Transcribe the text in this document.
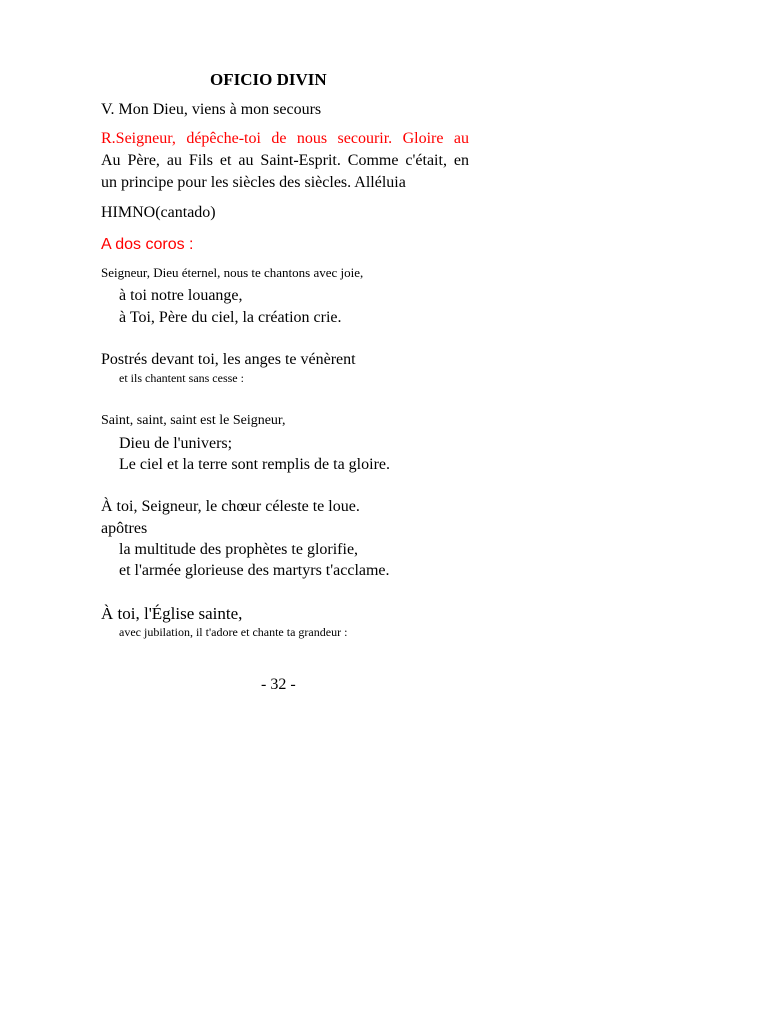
OFICIO DIVIN
V. Mon Dieu, viens à mon secours
R.Seigneur, dépêche-toi de nous secourir. Gloire au
Au Père, au Fils et au Saint-Esprit. Comme c'était, en
un principe pour les siècles des siècles. Alléluia
HIMNO(cantado)
A dos coros :
Seigneur, Dieu éternel, nous te chantons avec joie,
à toi notre louange,
à Toi, Père du ciel, la création crie.
Postrés devant toi, les anges te vénèrent
et ils chantent sans cesse :
Saint, saint, saint est le Seigneur,
Dieu de l'univers;
Le ciel et la terre sont remplis de ta gloire.
À toi, Seigneur, le chœur céleste te loue.
apôtres
la multitude des prophètes te glorifie,
et l'armée glorieuse des martyrs t'acclame.
À toi, l'Église sainte,
avec jubilation, il t'adore et chante ta grandeur :
- 32 -
